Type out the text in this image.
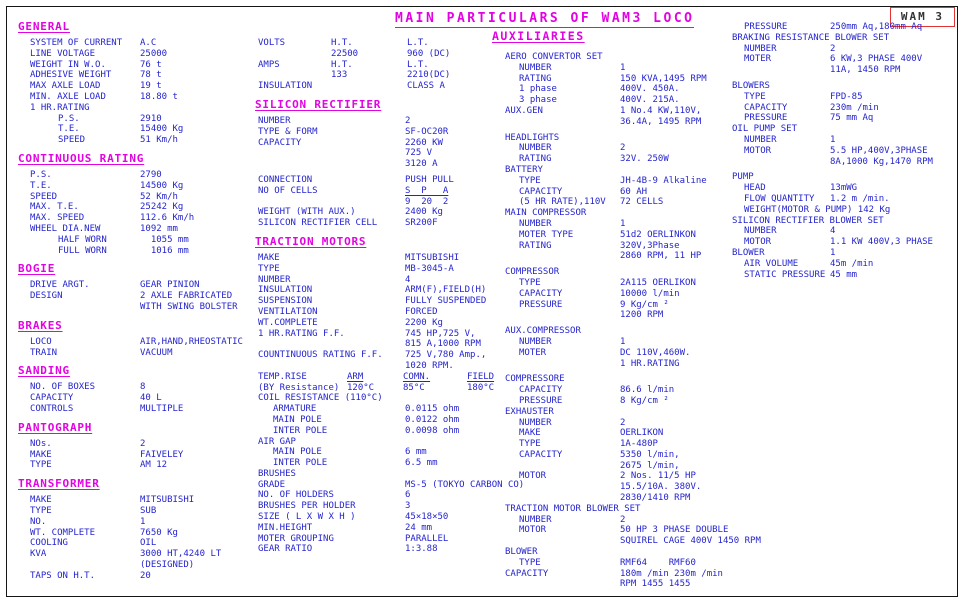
MAIN PARTICULARS OF WAM3 LOCO	WAM 3
AUXILIARIES
GENERAL
SYSTEM OF CURRENT	A.C
LINE VOLTAGE	25000
WEIGHT IN W.O.	76 t
ADHESIVE WEIGHT	78 t
MAX AXLE LOAD	19 t
MIN. AXLE LOAD	18.80 t
1 HR.RATING
P.S.	2910
T.E.	15400 Kg
SPEED	51 Km/h
CONTINUOUS RATING
P.S.	2790
T.E.	14500 Kg
SPEED	52 Km/h
MAX. T.E.	25242 Kg
MAX. SPEED	112.6 Km/h
WHEEL DIA.NEW	1092 mm
HALF WORN	1055 mm
FULL WORN	1016 mm
BOGIE
DRIVE ARGT.	GEAR PINION
DESIGN	2 AXLE FABRICATED
WITH SWING BOLSTER
BRAKES
LOCO	AIR,HAND,RHEOSTATIC
TRAIN	VACUUM
SANDING
NO. OF BOXES	8
CAPACITY	40 L
CONTROLS	MULTIPLE
PANTOGRAPH
NOs.	2
MAKE	FAIVELEY
TYPE	AM 12
TRANSFORMER
MAKE	MITSUBISHI
TYPE	SUB
NO.	1
WT. COMPLETE	7650 Kg
COOLING	OIL
KVA	3000 HT,4240 LT
(DESIGNED)
TAPS ON H.T.	20
VOLTS	H.T.	L.T.
22500	960 (DC)
AMPS	H.T.	L.T.
133	2210(DC)
INSULATION	CLASS A
SILICON RECTIFIER
NUMBER	2
TYPE & FORM	SF-OC20R
CAPACITY	2260 KW
725 V
3120 A
CONNECTION	PUSH PULL
NO OF CELLS	S  P   A
9  20  2
WEIGHT (WITH AUX.)	2400 Kg
SILICON RECTIFIER CELL	SR200F
TRACTION MOTORS
MAKE	MITSUBISHI
TYPE	MB-3045-A
NUMBER	4
INSULATION	ARM(F),FIELD(H)
SUSPENSION	FULLY SUSPENDED
VENTILATION	FORCED
WT.COMPLETE	2200 Kg
1 HR.RATING F.F.	745 HP,725 V,
815 A,1000 RPM
COUNTINUOUS RATING F.F.	725 V,780 Amp.,
1020 RPM.
TEMP.RISE	ARM	COMN.	FIELD
(BY Resistance) 120°C	85°C	180°C
COIL RESISTANCE (110°C)
ARMATURE	0.0115 ohm
MAIN POLE	0.0122 ohm
INTER POLE	0.0098 ohm
AIR GAP
MAIN POLE	6 mm
INTER POLE	6.5 mm
BRUSHES
GRADE	MS-5 (TOKYO CARBON CO)
NO. OF HOLDERS	6
BRUSHES PER HOLDER	3
SIZE ( L X W X H )	45×18×50
MIN.HEIGHT	24 mm
MOTER GROUPING	PARALLEL
GEAR RATIO	1:3.88
AERO CONVERTOR SET
NUMBER	1
RATING	150 KVA,1495 RPM
1 phase	400V. 450A.
3 phase	400V. 215A.
AUX.GEN	1 No.4 KW,110V,
36.4A, 1495 RPM
HEADLIGHTS
NUMBER	2
RATING	32V. 250W
BATTERY
TYPE	JH-4B-9 Alkaline
CAPACITY	60 AH
(5 HR RATE),110V	72 CELLS
MAIN COMPRESSOR
NUMBER	1
MOTER TYPE	51d2 OERLINKON
RATING	320V,3Phase
2860 RPM, 11 HP
COMPRESSOR
TYPE	2A115 OERLIKON
CAPACITY	10000 l/min
PRESSURE	9 Kg/cm ²
1200 RPM
AUX.COMPRESSOR
NUMBER	1
MOTER	DC 110V,460W.
1 HR.RATING
COMPRESSORE
CAPACITY	86.6 l/min
PRESSURE	8 Kg/cm ²
EXHAUSTER
NUMBER	2
MAKE	OERLIKON
TYPE	1A-480P
CAPACITY	5350 l/min,
2675 l/min,
MOTOR	2 Nos. 11/5 HP
15.5/10A. 380V.
2830/1410 RPM
TRACTION MOTOR BLOWER SET
NUMBER	2
MOTOR	50 HP 3 PHASE DOUBLE
SQUIREL CAGE 400V 1450 RPM
BLOWER
TYPE	RMF64    RMF60
CAPACITY	180m /min 230m /min
RPM 1455 1455
PRESSURE	250mm Aq,180mm Aq
BRAKING RESISTANCE BLOWER SET
NUMBER	2
MOTER	6 KW,3 PHASE 400V
11A, 1450 RPM
BLOWERS
TYPE	FPD-85
CAPACITY	230m /min
PRESSURE	75 mm Aq
OIL PUMP SET
NUMBER	1
MOTOR	5.5 HP,400V,3PHASE
8A,1000 Kg,1470 RPM
PUMP
HEAD	13mWG
FLOW QUANTITY	1.2 m /min.
WEIGHT(MOTOR & PUMP) 142 Kg
SILICON RECTIFIER BLOWER SET
NUMBER	4
MOTOR	1.1 KW 400V,3 PHASE
BLOWER	1
AIR VOLUME	45m /min
STATIC PRESSURE 45 mm
